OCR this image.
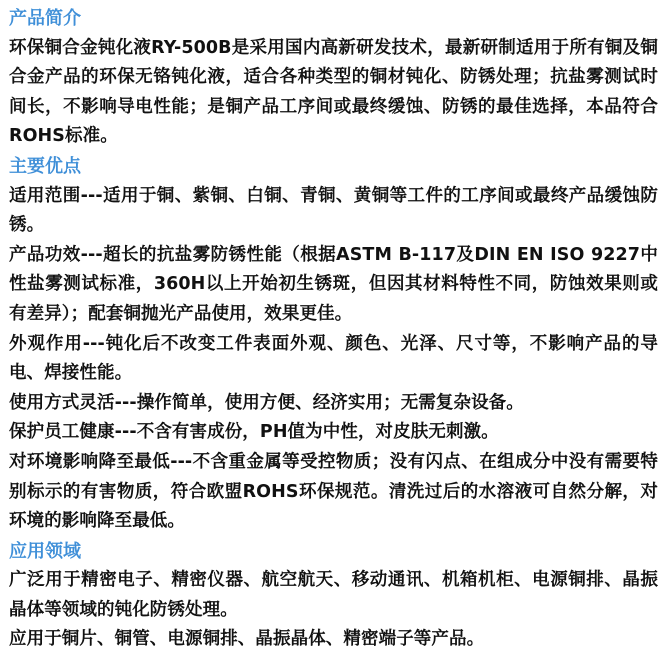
产品简介

环保铜合金钝化液RY-500B是采用国内高新研发技术，最新研制适用于所有铜及铜合金产品的环保无铬钝化液，适合各种类型的铜材钝化、防锈处理；抗盐雾测试时间长，不影响导电性能；是铜产品工序间或最终缓蚀、防锈的最佳选择，本品符合ROHS标准。

主要优点

适用范围---适用于铜、紫铜、白铜、青铜、黄铜等工件的工序间或最终产品缓蚀防锈。

产品功效---超长的抗盐雾防锈性能（根据ASTM B-117及DIN EN ISO 9227中性盐雾测试标准，360H以上开始初生锈斑，但因其材料特性不同，防蚀效果则或有差异）；配套铜抛光产品使用，效果更佳。

外观作用---钝化后不改变工件表面外观、颜色、光泽、尺寸等，不影响产品的导电、焊接性能。

使用方式灵活---操作简单，使用方便、经济实用；无需复杂设备。

保护员工健康---不含有害成份，PH值为中性，对皮肤无刺激。

对环境影响降至最低---不含重金属等受控物质；没有闪点、在组成分中没有需要特别标示的有害物质，符合欧盟ROHS环保规范。清洗过后的水溶液可自然分解，对环境的影响降至最低。

应用领域

广泛用于精密电子、精密仪器、航空航天、移动通讯、机箱机柜、电源铜排、晶振晶体等领域的钝化防锈处理。

应用于铜片、铜管、电源铜排、晶振晶体、精密端子等产品。
